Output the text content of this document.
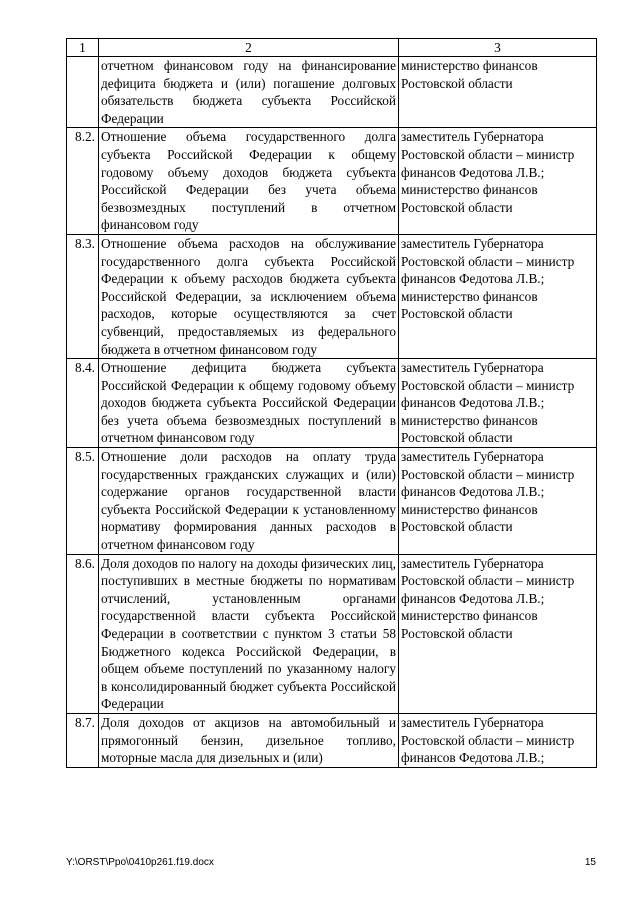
1	2	3
	отчетном финансовом году на финансирование дефицита бюджета и (или) погашение долговых обязательств бюджета субъекта Российской Федерации	министерство финансов Ростовской области
8.2.	Отношение объема государственного долга субъекта Российской Федерации к общему годовому объему доходов бюджета субъекта Российской Федерации без учета объема безвозмездных поступлений в отчетном финансовом году	заместитель Губернатора Ростовской области – министр финансов Федотова Л.В.; министерство финансов Ростовской области
8.3.	Отношение объема расходов на обслуживание государственного долга субъекта Российской Федерации к объему расходов бюджета субъекта Российской Федерации, за исключением объема расходов, которые осуществляются за счет субвенций, предоставляемых из федерального бюджета в отчетном финансовом году	заместитель Губернатора Ростовской области – министр финансов Федотова Л.В.; министерство финансов Ростовской области
8.4.	Отношение дефицита бюджета субъекта Российской Федерации к общему годовому объему доходов бюджета субъекта Российской Федерации без учета объема безвозмездных поступлений в отчетном финансовом году	заместитель Губернатора Ростовской области – министр финансов Федотова Л.В.; министерство финансов Ростовской области
8.5.	Отношение доли расходов на оплату труда государственных гражданских служащих и (или) содержание органов государственной власти субъекта Российской Федерации к установленному нормативу формирования данных расходов в отчетном финансовом году	заместитель Губернатора Ростовской области – министр финансов Федотова Л.В.; министерство финансов Ростовской области
8.6.	Доля доходов по налогу на доходы физических лиц, поступивших в местные бюджеты по нормативам отчислений, установленным органами государственной власти субъекта Российской Федерации в соответствии с пунктом 3 статьи 58 Бюджетного кодекса Российской Федерации, в общем объеме поступлений по указанному налогу в консолидированный бюджет субъекта Российской Федерации	заместитель Губернатора Ростовской области – министр финансов Федотова Л.В.; министерство финансов Ростовской области
8.7.	Доля доходов от акцизов на автомобильный и прямогонный бензин, дизельное топливо, моторные масла для дизельных и (или)	заместитель Губернатора Ростовской области – министр финансов Федотова Л.В.;
Y:\ORST\Ppo\0410p261.f19.docx	15
